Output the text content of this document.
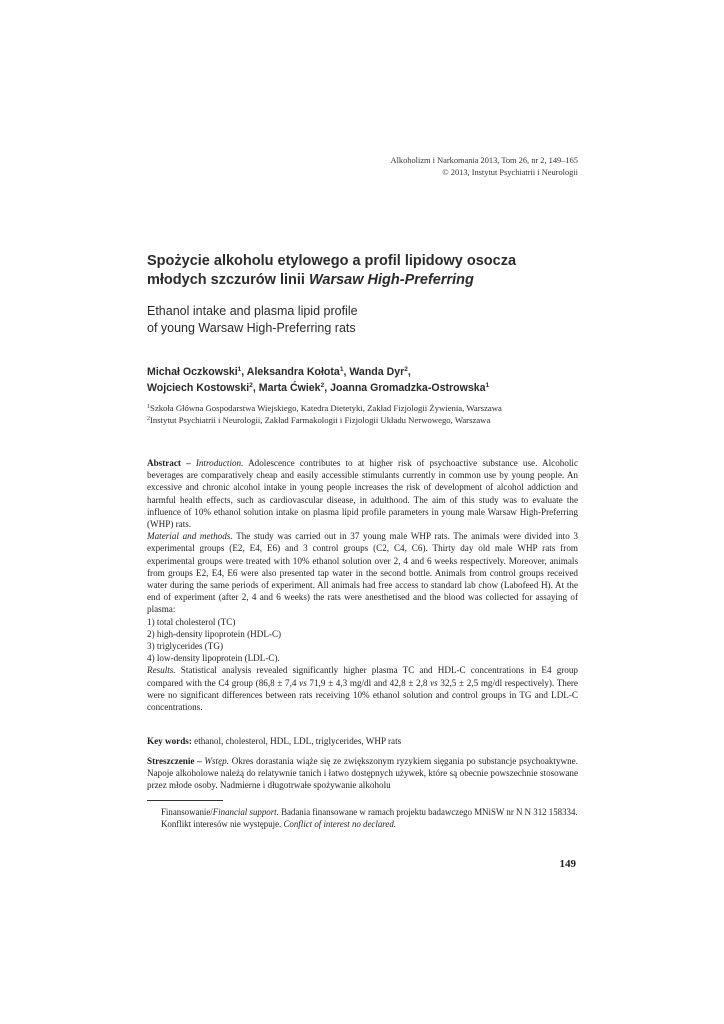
Alkoholizm i Narkomania 2013, Tom 26, nr 2, 149–165
© 2013, Instytut Psychiatrii i Neurologii
Spożycie alkoholu etylowego a profil lipidowy osocza
młodych szczurów linii Warsaw High-Preferring
Ethanol intake and plasma lipid profile
of young Warsaw High-Preferring rats
Michał Oczkowski$^1$, Aleksandra Kołota$^1$, Wanda Dyr$^2$,
Wojciech Kostowski$^2$, Marta Ćwiek$^2$, Joanna Gromadzka-Ostrowska$^1$
$^1$Szkoła Główna Gospodarstwa Wiejskiego, Katedra Dietetyki, Zakład Fizjologii Żywienia, Warszawa
$^2$Instytut Psychiatrii i Neurologii, Zakład Farmakologii i Fizjologii Układu Nerwowego, Warszawa

Abstract – Introduction. Adolescence contributes to at higher risk of psychoactive substance use. Alcoholic beverages are comparatively cheap and easily accessible stimulants currently in common use by young people. An excessive and chronic alcohol intake in young people increases the risk of development of alcohol addiction and harmful health effects, such as cardiovascular disease, in adulthood. The aim of this study was to evaluate the influence of 10% ethanol solution intake on plasma lipid profile parameters in young male Warsaw High-Preferring (WHP) rats.

Material and methods. The study was carried out in 37 young male WHP rats. The animals were divided into 3 experimental groups (E2, E4, E6) and 3 control groups (C2, C4, C6). Thirty day old male WHP rats from experimental groups were treated with 10% ethanol solution over 2, 4 and 6 weeks respectively. Moreover, animals from groups E2, E4, E6 were also presented tap water in the second bottle. Animals from control groups received water during the same periods of experiment. All animals had free access to standard lab chow (Labofeed H). At the end of experiment (after 2, 4 and 6 weeks) the rats were anesthetised and the blood was collected for assaying of plasma:

1) total cholesterol (TC)
2) high-density lipoprotein (HDL-C)
3) triglycerides (TG)
4) low-density lipoprotein (LDL-C).

Results. Statistical analysis revealed significantly higher plasma TC and HDL-C concentrations in E4 group compared with the C4 group (86,8 ± 7,4 vs 71,9 ± 4,3 mg/dl and 42,8 ± 2,8 vs 32,5 ± 2,5 mg/dl respectively). There were no significant differences between rats receiving 10% ethanol solution and control groups in TG and LDL-C concentrations.

Key words: ethanol, cholesterol, HDL, LDL, triglycerides, WHP rats
Streszczenie – Wstęp. Okres dorastania wiąże się ze zwiększonym ryzykiem sięgania po substancje psychoaktywne. Napoje alkoholowe należą do relatywnie tanich i łatwo dostępnych używek, które są obecnie powszechnie stosowane przez młode osoby. Nadmierne i długotrwałe spożywanie alkoholu

Finansowanie/Financial support. Badania finansowane w ramach projektu badawczego MNiSW nr N N 312 158334.

Konflikt interesów nie występuje. Conflict of interest no declared.

149
